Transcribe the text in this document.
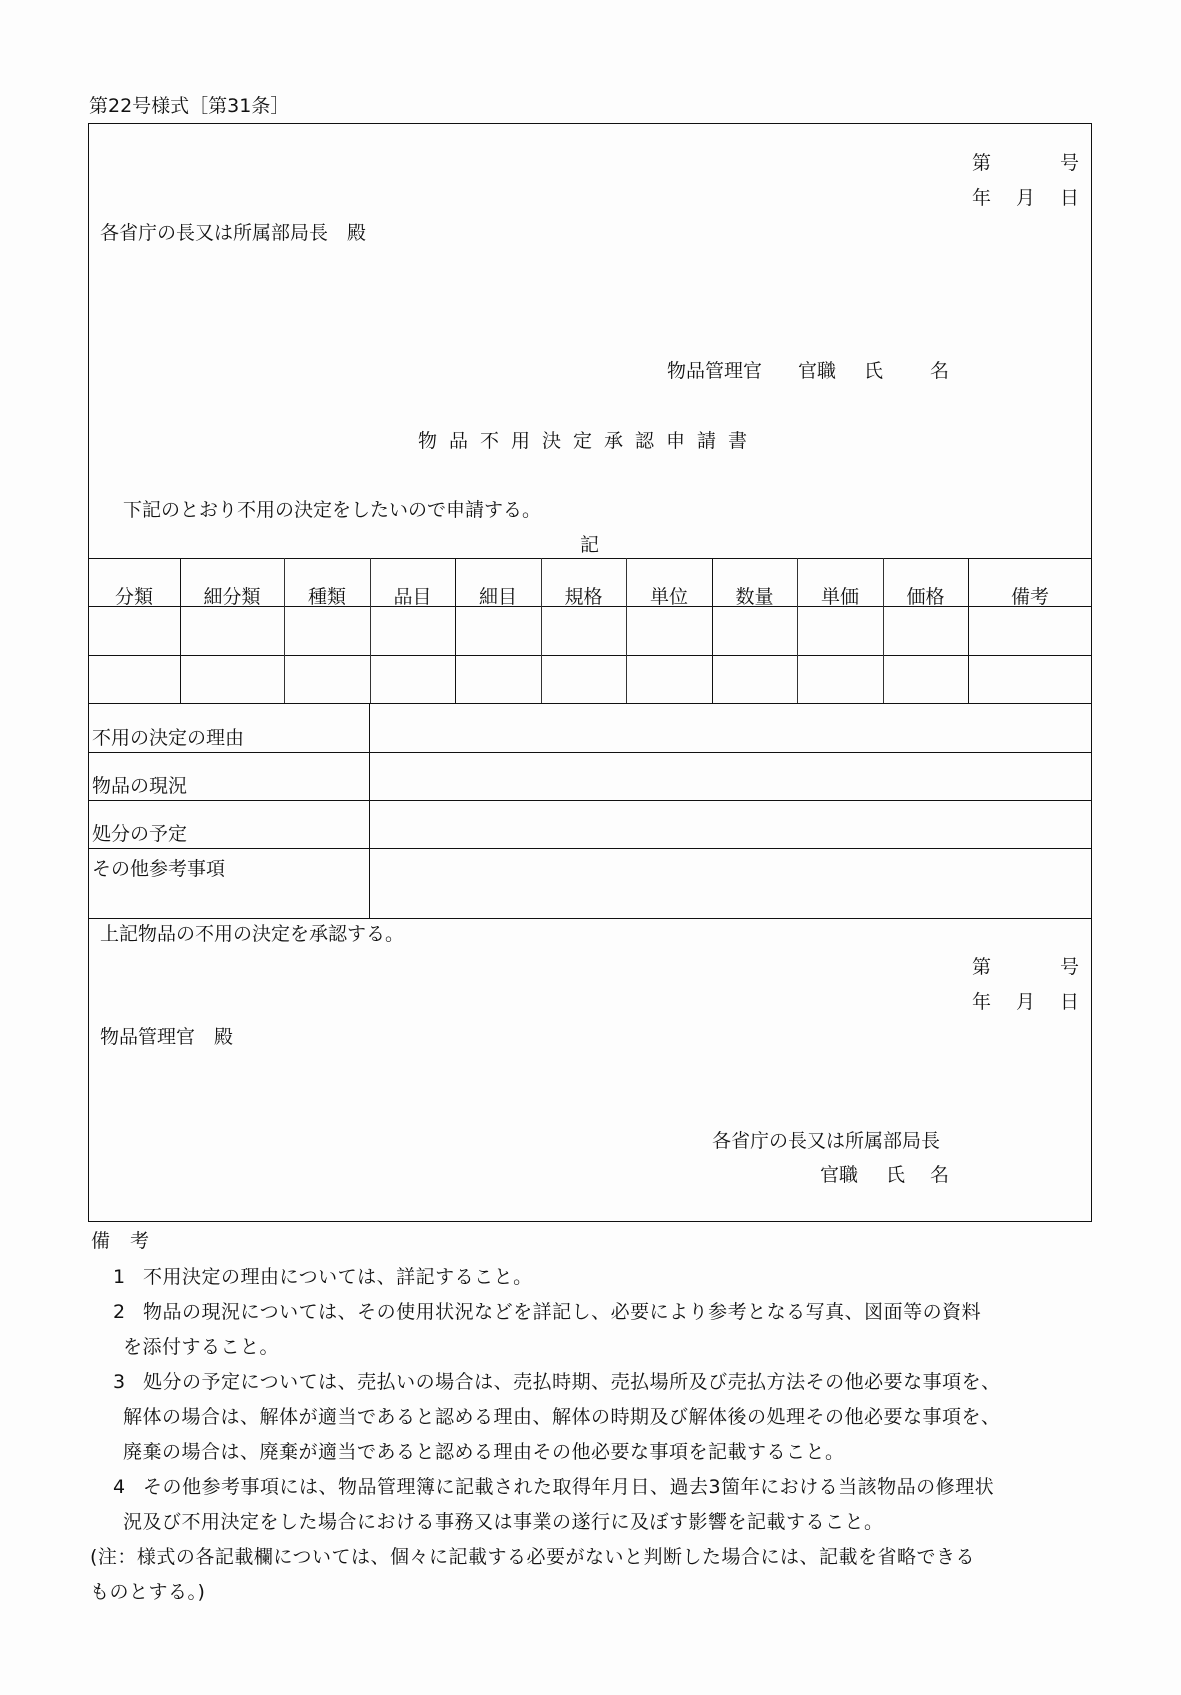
第22号様式［第31条］
第	号
年 月 日
各省庁の長又は所属部局長　殿
物品管理官 官職 氏 名
物品不用決定承認申請書
下記のとおり不用の決定をしたいので申請する。
記
分類	細分類	種類	品目	細目	規格	単位	数量	単価	価格	備考
不用の決定の理由
物品の現況
処分の予定
その他参考事項
上記物品の不用の決定を承認する。
第	号
年 月 日
物品管理官　殿
各省庁の長又は所属部局長
官職 氏 名
備 考
1 不用決定の理由については、詳記すること。
2 物品の現況については、その使用状況などを詳記し、必要により参考となる写真、図面等の資料
を添付すること。
3 処分の予定については、売払いの場合は、売払時期、売払場所及び売払方法その他必要な事項を、
解体の場合は、解体が適当であると認める理由、解体の時期及び解体後の処理その他必要な事項を、
廃棄の場合は、廃棄が適当であると認める理由その他必要な事項を記載すること。
4 その他参考事項には、物品管理簿に記載された取得年月日、過去3箇年における当該物品の修理状
況及び不用決定をした場合における事務又は事業の遂行に及ぼす影響を記載すること。
(注：様式の各記載欄については、個々に記載する必要がないと判断した場合には、記載を省略できる
ものとする。)
